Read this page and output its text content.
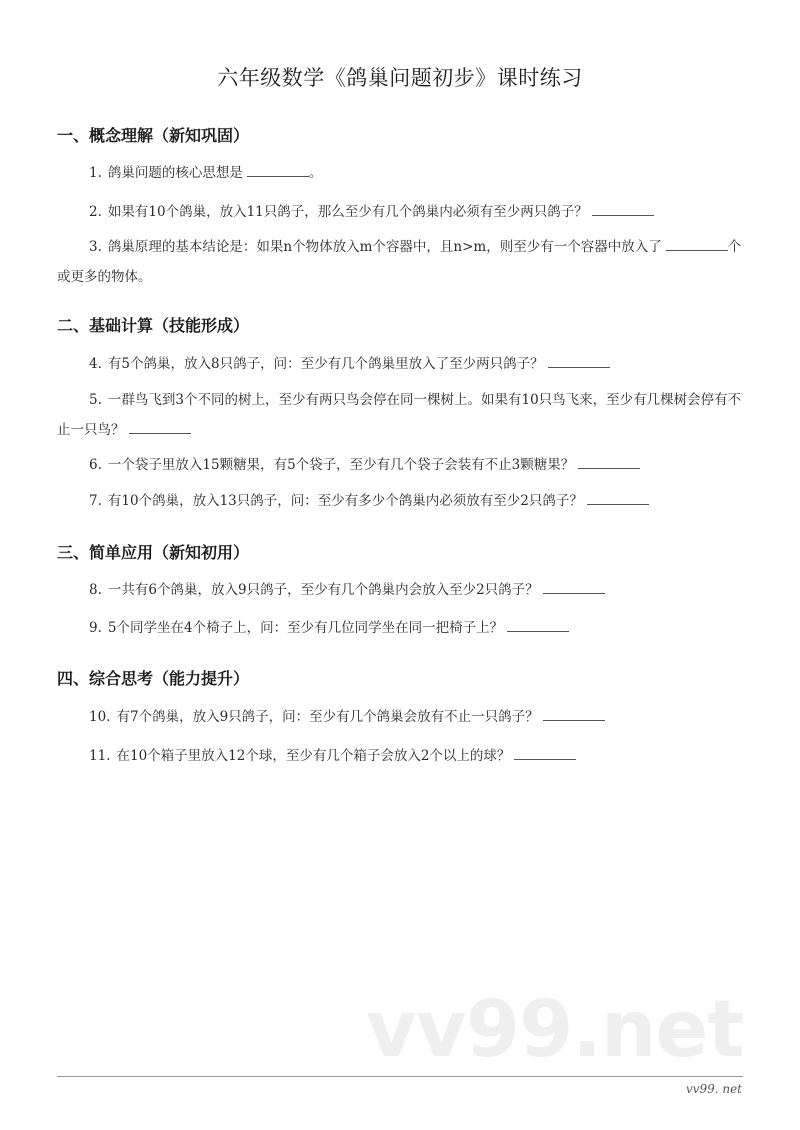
六年级数学《鸽巢问题初步》课时练习
一、概念理解（新知巩固）
1. 鸽巢问题的核心思想是	。
2. 如果有10个鸽巢，放入11只鸽子，那么至少有几个鸽巢内必须有至少两只鸽子？
3. 鸽巢原理的基本结论是：如果n个物体放入m个容器中，且n>m，则至少有一个容器中放入了	个或更多的物体。
二、基础计算（技能形成）
4. 有5个鸽巢，放入8只鸽子，问：至少有几个鸽巢里放入了至少两只鸽子？
5. 一群鸟飞到3个不同的树上，至少有两只鸟会停在同一棵树上。如果有10只鸟飞来，至少有几棵树会停有不止一只鸟？
6. 一个袋子里放入15颗糖果，有5个袋子，至少有几个袋子会装有不止3颗糖果？
7. 有10个鸽巢，放入13只鸽子，问：至少有多少个鸽巢内必须放有至少2只鸽子？
三、简单应用（新知初用）
8. 一共有6个鸽巢，放入9只鸽子，至少有几个鸽巢内会放入至少2只鸽子？
9. 5个同学坐在4个椅子上，问：至少有几位同学坐在同一把椅子上？
四、综合思考（能力提升）
10. 有7个鸽巢，放入9只鸽子，问：至少有几个鸽巢会放有不止一只鸽子？
11. 在10个箱子里放入12个球，至少有几个箱子会放入2个以上的球？
vv99.net
vv99. net
